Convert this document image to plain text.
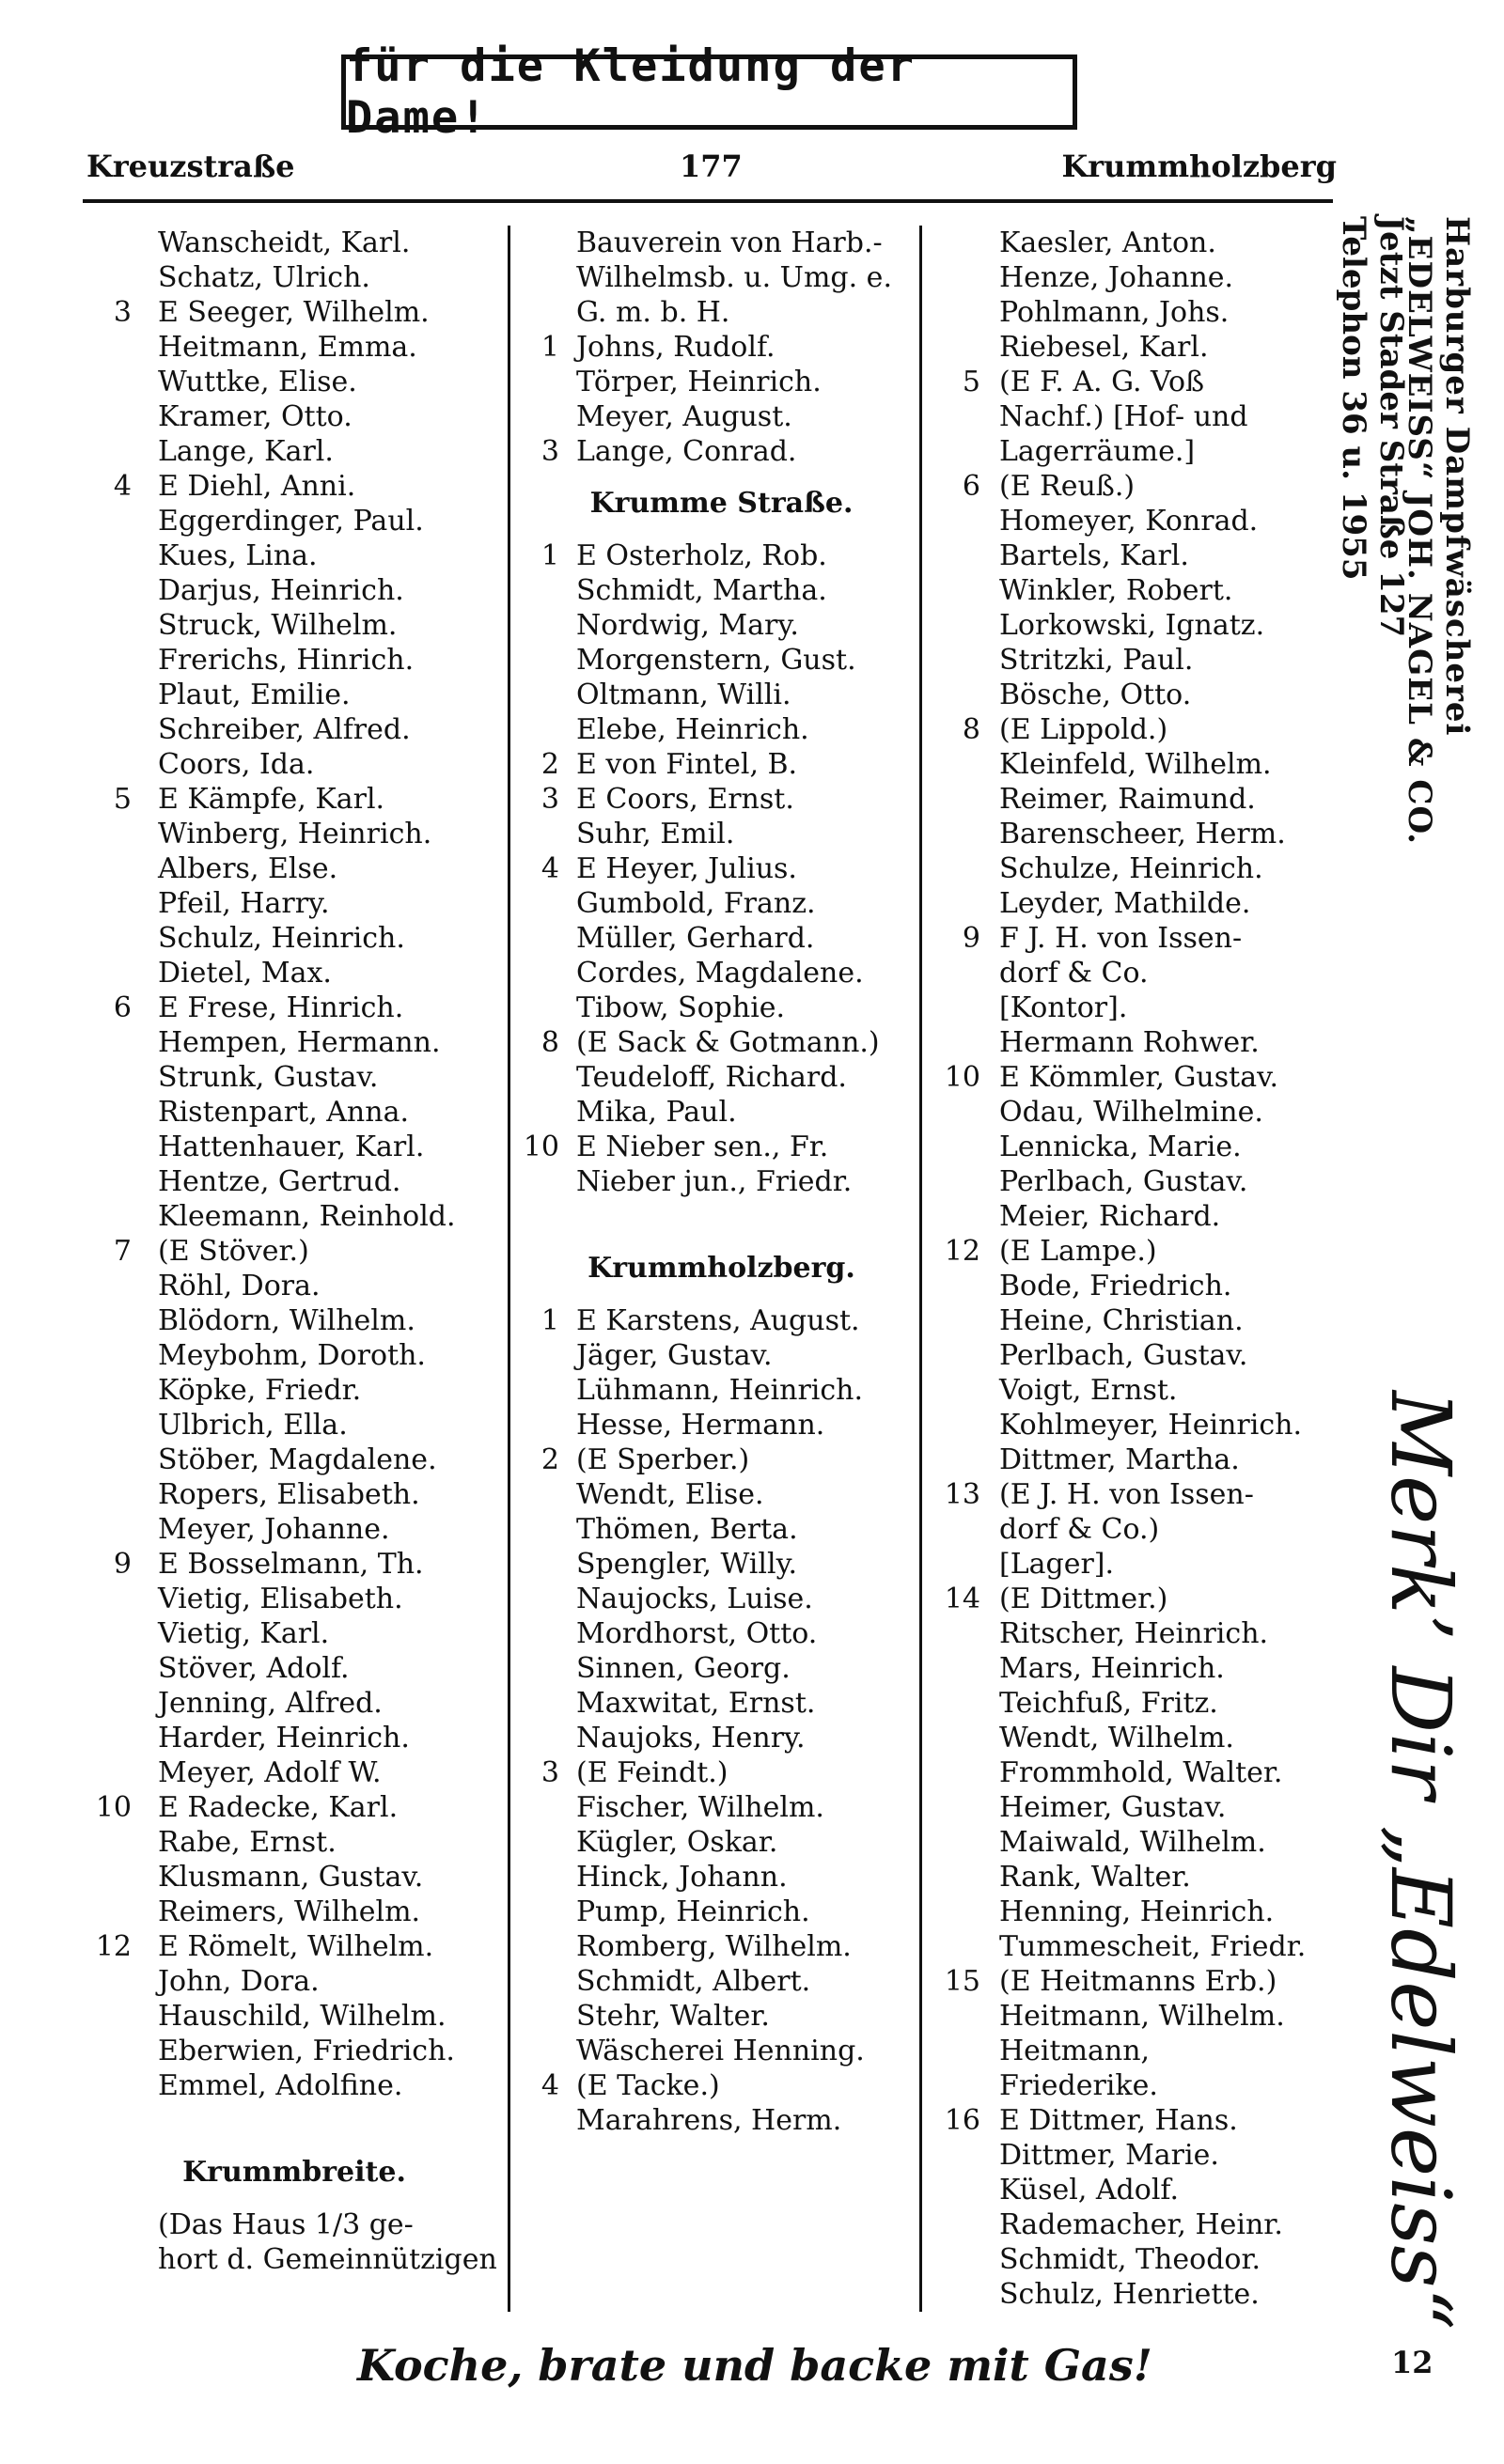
für die Kleidung der Dame!
Kreuzstraße	177	Krummholzberg
Wanscheidt, Karl.
Schatz, Ulrich.
3 E Seeger, Wilhelm.
Heitmann, Emma.
Wuttke, Elise.
Kramer, Otto.
Lange, Karl.
4 E Diehl, Anni.
Eggerdinger, Paul.
Kues, Lina.
Darjus, Heinrich.
Struck, Wilhelm.
Frerichs, Hinrich.
Plaut, Emilie.
Schreiber, Alfred.
Coors, Ida.
5 E Kämpfe, Karl.
Winberg, Heinrich.
Albers, Else.
Pfeil, Harry.
Schulz, Heinrich.
Dietel, Max.
6 E Frese, Hinrich.
Hempen, Hermann.
Strunk, Gustav.
Ristenpart, Anna.
Hattenhauer, Karl.
Hentze, Gertrud.
Kleemann, Reinhold.
7 (E Stöver.)
Röhl, Dora.
Blödorn, Wilhelm.
Meybohm, Doroth.
Köpke, Friedr.
Ulbrich, Ella.
Stöber, Magdalene.
Ropers, Elisabeth.
Meyer, Johanne.
9 E Bosselmann, Th.
Vietig, Elisabeth.
Vietig, Karl.
Stöver, Adolf.
Jenning, Alfred.
Harder, Heinrich.
Meyer, Adolf W.
10 E Radecke, Karl.
Rabe, Ernst.
Klusmann, Gustav.
Reimers, Wilhelm.
12 E Römelt, Wilhelm.
John, Dora.
Hauschild, Wilhelm.
Eberwien, Friedrich.
Emmel, Adolfine.
Krummbreite.
(Das Haus 1/3 ge-
hort d. Gemeinnützigen
Bauverein von Harb.-
Wilhelmsb. u. Umg. e.
G. m. b. H.
1 Johns, Rudolf.
Törper, Heinrich.
Meyer, August.
3 Lange, Conrad.
Krumme Straße.
1 E Osterholz, Rob.
Schmidt, Martha.
Nordwig, Mary.
Morgenstern, Gust.
Oltmann, Willi.
Elebe, Heinrich.
2 E von Fintel, B.
3 E Coors, Ernst.
Suhr, Emil.
4 E Heyer, Julius.
Gumbold, Franz.
Müller, Gerhard.
Cordes, Magdalene.
Tibow, Sophie.
8 (E Sack & Gotmann.)
Teudeloff, Richard.
Mika, Paul.
10 E Nieber sen., Fr.
Nieber jun., Friedr.
Krummholzberg.
1 E Karstens, August.
Jäger, Gustav.
Lühmann, Heinrich.
Hesse, Hermann.
2 (E Sperber.)
Wendt, Elise.
Thömen, Berta.
Spengler, Willy.
Naujocks, Luise.
Mordhorst, Otto.
Sinnen, Georg.
Maxwitat, Ernst.
Naujoks, Henry.
3 (E Feindt.)
Fischer, Wilhelm.
Kügler, Oskar.
Hinck, Johann.
Pump, Heinrich.
Romberg, Wilhelm.
Schmidt, Albert.
Stehr, Walter.
Wäscherei Henning.
4 (E Tacke.)
Marahrens, Herm.
Kaesler, Anton.
Henze, Johanne.
Pohlmann, Johs.
Riebesel, Karl.
5 (E F. A. G. Voß
Nachf.) [Hof- und
Lagerräume.]
6 (E Reuß.)
Homeyer, Konrad.
Bartels, Karl.
Winkler, Robert.
Lorkowski, Ignatz.
Stritzki, Paul.
Bösche, Otto.
8 (E Lippold.)
Kleinfeld, Wilhelm.
Reimer, Raimund.
Barenscheer, Herm.
Schulze, Heinrich.
Leyder, Mathilde.
9 F J. H. von Issen-
dorf & Co.
[Kontor].
Hermann Rohwer.
10 E Kömmler, Gustav.
Odau, Wilhelmine.
Lennicka, Marie.
Perlbach, Gustav.
Meier, Richard.
12 (E Lampe.)
Bode, Friedrich.
Heine, Christian.
Perlbach, Gustav.
Voigt, Ernst.
Kohlmeyer, Heinrich.
Dittmer, Martha.
13 (E J. H. von Issen-
dorf & Co.)
[Lager].
14 (E Dittmer.)
Ritscher, Heinrich.
Mars, Heinrich.
Teichfuß, Fritz.
Wendt, Wilhelm.
Frommhold, Walter.
Heimer, Gustav.
Maiwald, Wilhelm.
Rank, Walter.
Henning, Heinrich.
Tummescheit, Friedr.
15 (E Heitmanns Erb.)
Heitmann, Wilhelm.
Heitmann,
Friederike.
16 E Dittmer, Hans.
Dittmer, Marie.
Küsel, Adolf.
Rademacher, Heinr.
Schmidt, Theodor.
Schulz, Henriette.
Jetzt Stader Straße 127
Telephon 36 u. 1955	Harburger Dampfwäscherei
„EDELWEISS“ JOH. NAGEL & CO.
Merk’ Dir „Edelweiss“
Koche, brate und backe mit Gas!	12
